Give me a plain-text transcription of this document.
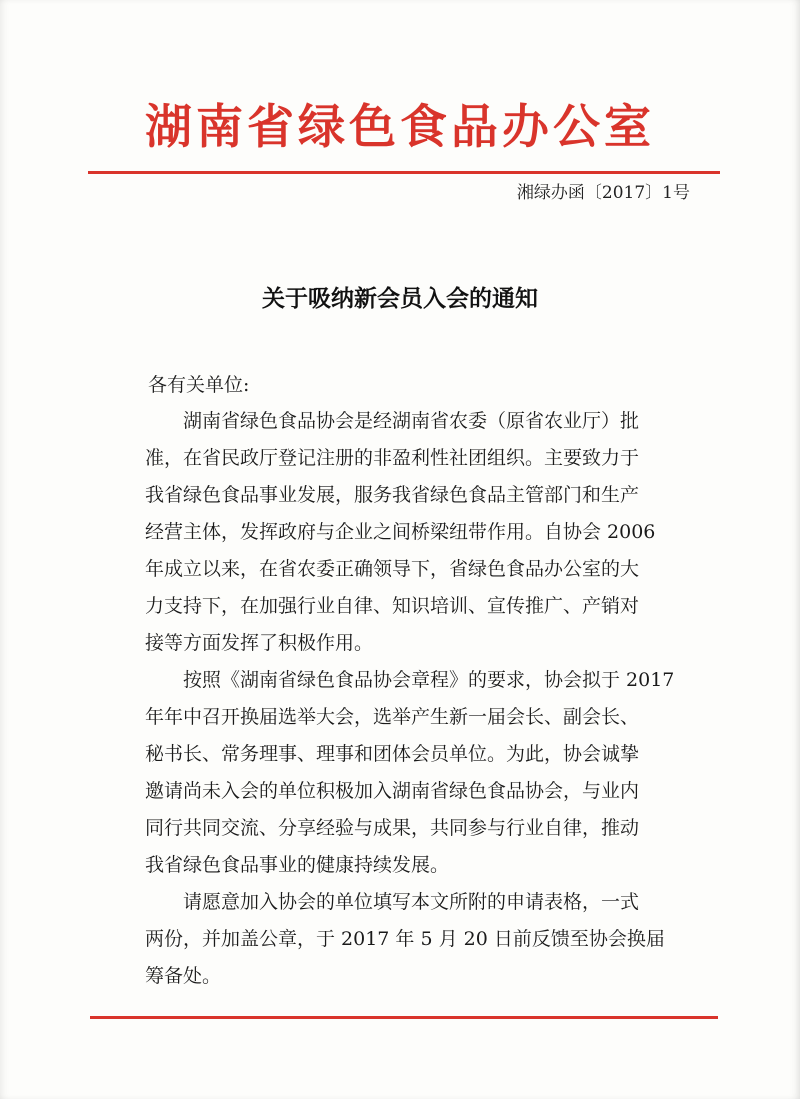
湖南省绿色食品办公室
湘绿办函〔2017〕1号
关于吸纳新会员入会的通知
各有关单位:

　　湖南省绿色食品协会是经湖南省农委（原省农业厅）批
准，在省民政厅登记注册的非盈利性社团组织。主要致力于
我省绿色食品事业发展，服务我省绿色食品主管部门和生产
经营主体，发挥政府与企业之间桥梁纽带作用。自协会 2006
年成立以来，在省农委正确领导下，省绿色食品办公室的大
力支持下，在加强行业自律、知识培训、宣传推广、产销对
接等方面发挥了积极作用。

　　按照《湖南省绿色食品协会章程》的要求，协会拟于 2017
年年中召开换届选举大会，选举产生新一届会长、副会长、
秘书长、常务理事、理事和团体会员单位。为此，协会诚挚
邀请尚未入会的单位积极加入湖南省绿色食品协会，与业内
同行共同交流、分享经验与成果，共同参与行业自律，推动
我省绿色食品事业的健康持续发展。

　　请愿意加入协会的单位填写本文所附的申请表格，一式
两份，并加盖公章，于 2017 年 5 月 20 日前反馈至协会换届
筹备处。
